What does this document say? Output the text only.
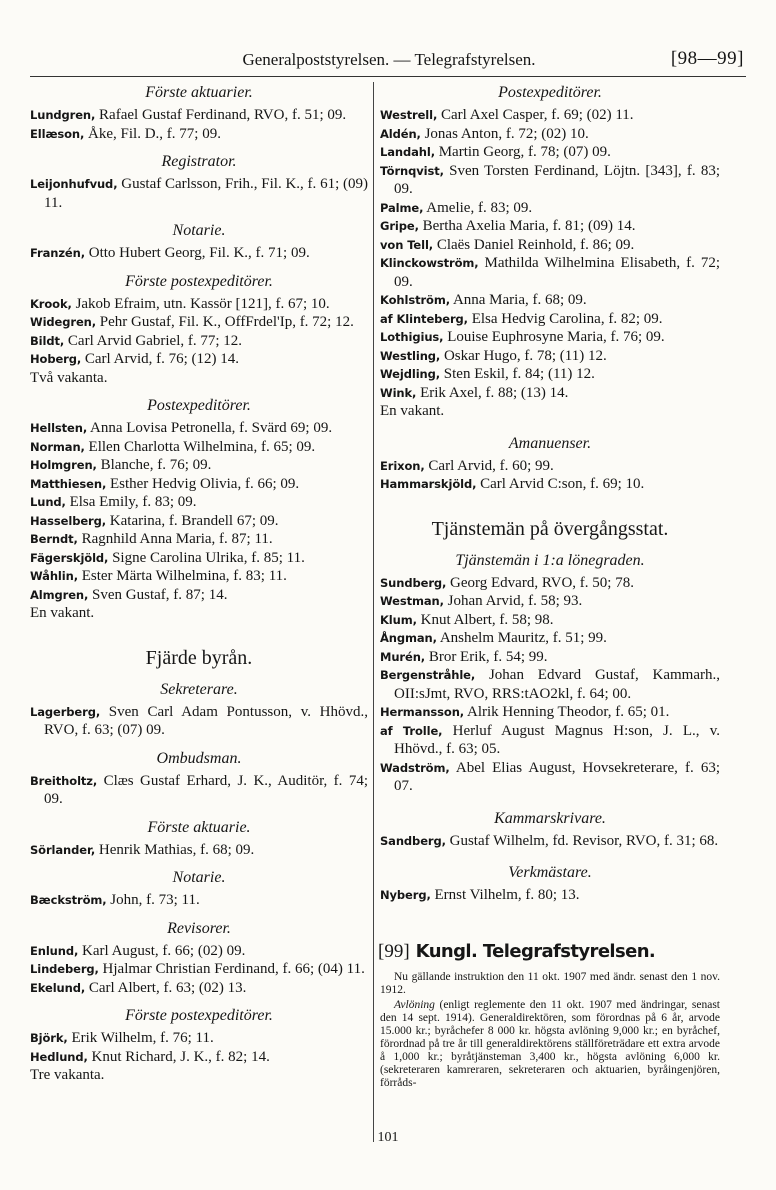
Generalpoststyrelsen. — Telegrafstyrelsen.	[98—99]
Förste aktuarier.

Lundgren, Rafael Gustaf Ferdinand, RVO, f. 51; 09.

Ellæson, Åke, Fil. D., f. 77; 09.

Registrator.

Leijonhufvud, Gustaf Carlsson, Frih., Fil. K., f. 61; (09) 11.

Notarie.

Franzén, Otto Hubert Georg, Fil. K., f. 71; 09.

Förste postexpeditörer.

Krook, Jakob Efraim, utn. Kassör [121], f. 67; 10.

Widegren, Pehr Gustaf, Fil. K., OffFrdel'Ip, f. 72; 12.

Bildt, Carl Arvid Gabriel, f. 77; 12.

Hoberg, Carl Arvid, f. 76; (12) 14.

Två vakanta.

Postexpeditörer.

Hellsten, Anna Lovisa Petronella, f. Svärd 69; 09.

Norman, Ellen Charlotta Wilhelmina, f. 65; 09.

Holmgren, Blanche, f. 76; 09.

Matthiesen, Esther Hedvig Olivia, f. 66; 09.

Lund, Elsa Emily, f. 83; 09.

Hasselberg, Katarina, f. Brandell 67; 09.

Berndt, Ragnhild Anna Maria, f. 87; 11.

Fägerskjöld, Signe Carolina Ulrika, f. 85; 11.

Wåhlin, Ester Märta Wilhelmina, f. 83; 11.

Almgren, Sven Gustaf, f. 87; 14.

En vakant.

Fjärde byrån.
Sekreterare.

Lagerberg, Sven Carl Adam Pontusson, v. Hhövd., RVO, f. 63; (07) 09.

Ombudsman.

Breitholtz, Clæs Gustaf Erhard, J. K., Auditör, f. 74; 09.

Förste aktuarie.

Sörlander, Henrik Mathias, f. 68; 09.

Notarie.

Bæckström, John, f. 73; 11.

Revisorer.

Enlund, Karl August, f. 66; (02) 09.

Lindeberg, Hjalmar Christian Ferdinand, f. 66; (04) 11.

Ekelund, Carl Albert, f. 63; (02) 13.

Förste postexpeditörer.

Björk, Erik Wilhelm, f. 76; 11.

Hedlund, Knut Richard, J. K., f. 82; 14.

Tre vakanta.

Postexpeditörer.

Westrell, Carl Axel Casper, f. 69; (02) 11.

Aldén, Jonas Anton, f. 72; (02) 10.

Landahl, Martin Georg, f. 78; (07) 09.

Törnqvist, Sven Torsten Ferdinand, Löjtn. [343], f. 83; 09.

Palme, Amelie, f. 83; 09.

Gripe, Bertha Axelia Maria, f. 81; (09) 14.

von Tell, Claës Daniel Reinhold, f. 86; 09.

Klinckowström, Mathilda Wilhelmina Elisabeth, f. 72; 09.

Kohlström, Anna Maria, f. 68; 09.

af Klinteberg, Elsa Hedvig Carolina, f. 82; 09.

Lothigius, Louise Euphrosyne Maria, f. 76; 09.

Westling, Oskar Hugo, f. 78; (11) 12.

Wejdling, Sten Eskil, f. 84; (11) 12.

Wink, Erik Axel, f. 88; (13) 14.

En vakant.

Amanuenser.

Erixon, Carl Arvid, f. 60; 99.

Hammarskjöld, Carl Arvid C:son, f. 69; 10.

Tjänstemän på övergångsstat.
Tjänstemän i 1:a lönegraden.

Sundberg, Georg Edvard, RVO, f. 50; 78.

Westman, Johan Arvid, f. 58; 93.

Klum, Knut Albert, f. 58; 98.

Ångman, Anshelm Mauritz, f. 51; 99.

Murén, Bror Erik, f. 54; 99.

Bergenstråhle, Johan Edvard Gustaf, Kammarh., OII:sJmt, RVO, RRS:tAO2kl, f. 64; 00.

Hermansson, Alrik Henning Theodor, f. 65; 01.

af Trolle, Herluf August Magnus H:son, J. L., v. Hhövd., f. 63; 05.

Wadström, Abel Elias August, Hovsekreterare, f. 63; 07.

Kammarskrivare.

Sandberg, Gustaf Wilhelm, fd. Revisor, RVO, f. 31; 68.

Verkmästare.

Nyberg, Ernst Vilhelm, f. 80; 13.

[99] Kungl. Telegrafstyrelsen.

Nu gällande instruktion den 11 okt. 1907 med ändr. senast den 1 nov. 1912.

Avlöning (enligt reglemente den 11 okt. 1907 med ändringar, senast den 14 sept. 1914). Generaldirektören, som förordnas på 6 år, arvode 15.000 kr.; byråchefer 8 000 kr. högsta avlöning 9,000 kr.; en byråchef, förordnad på tre år till generaldirektörens ställföreträdare ett extra arvode å 1,000 kr.; byråtjänsteman 3,400 kr., högsta avlöning 6,000 kr. (sekreteraren kamreraren, sekreteraren och aktuarien, byråingenjören, förråds-

101
